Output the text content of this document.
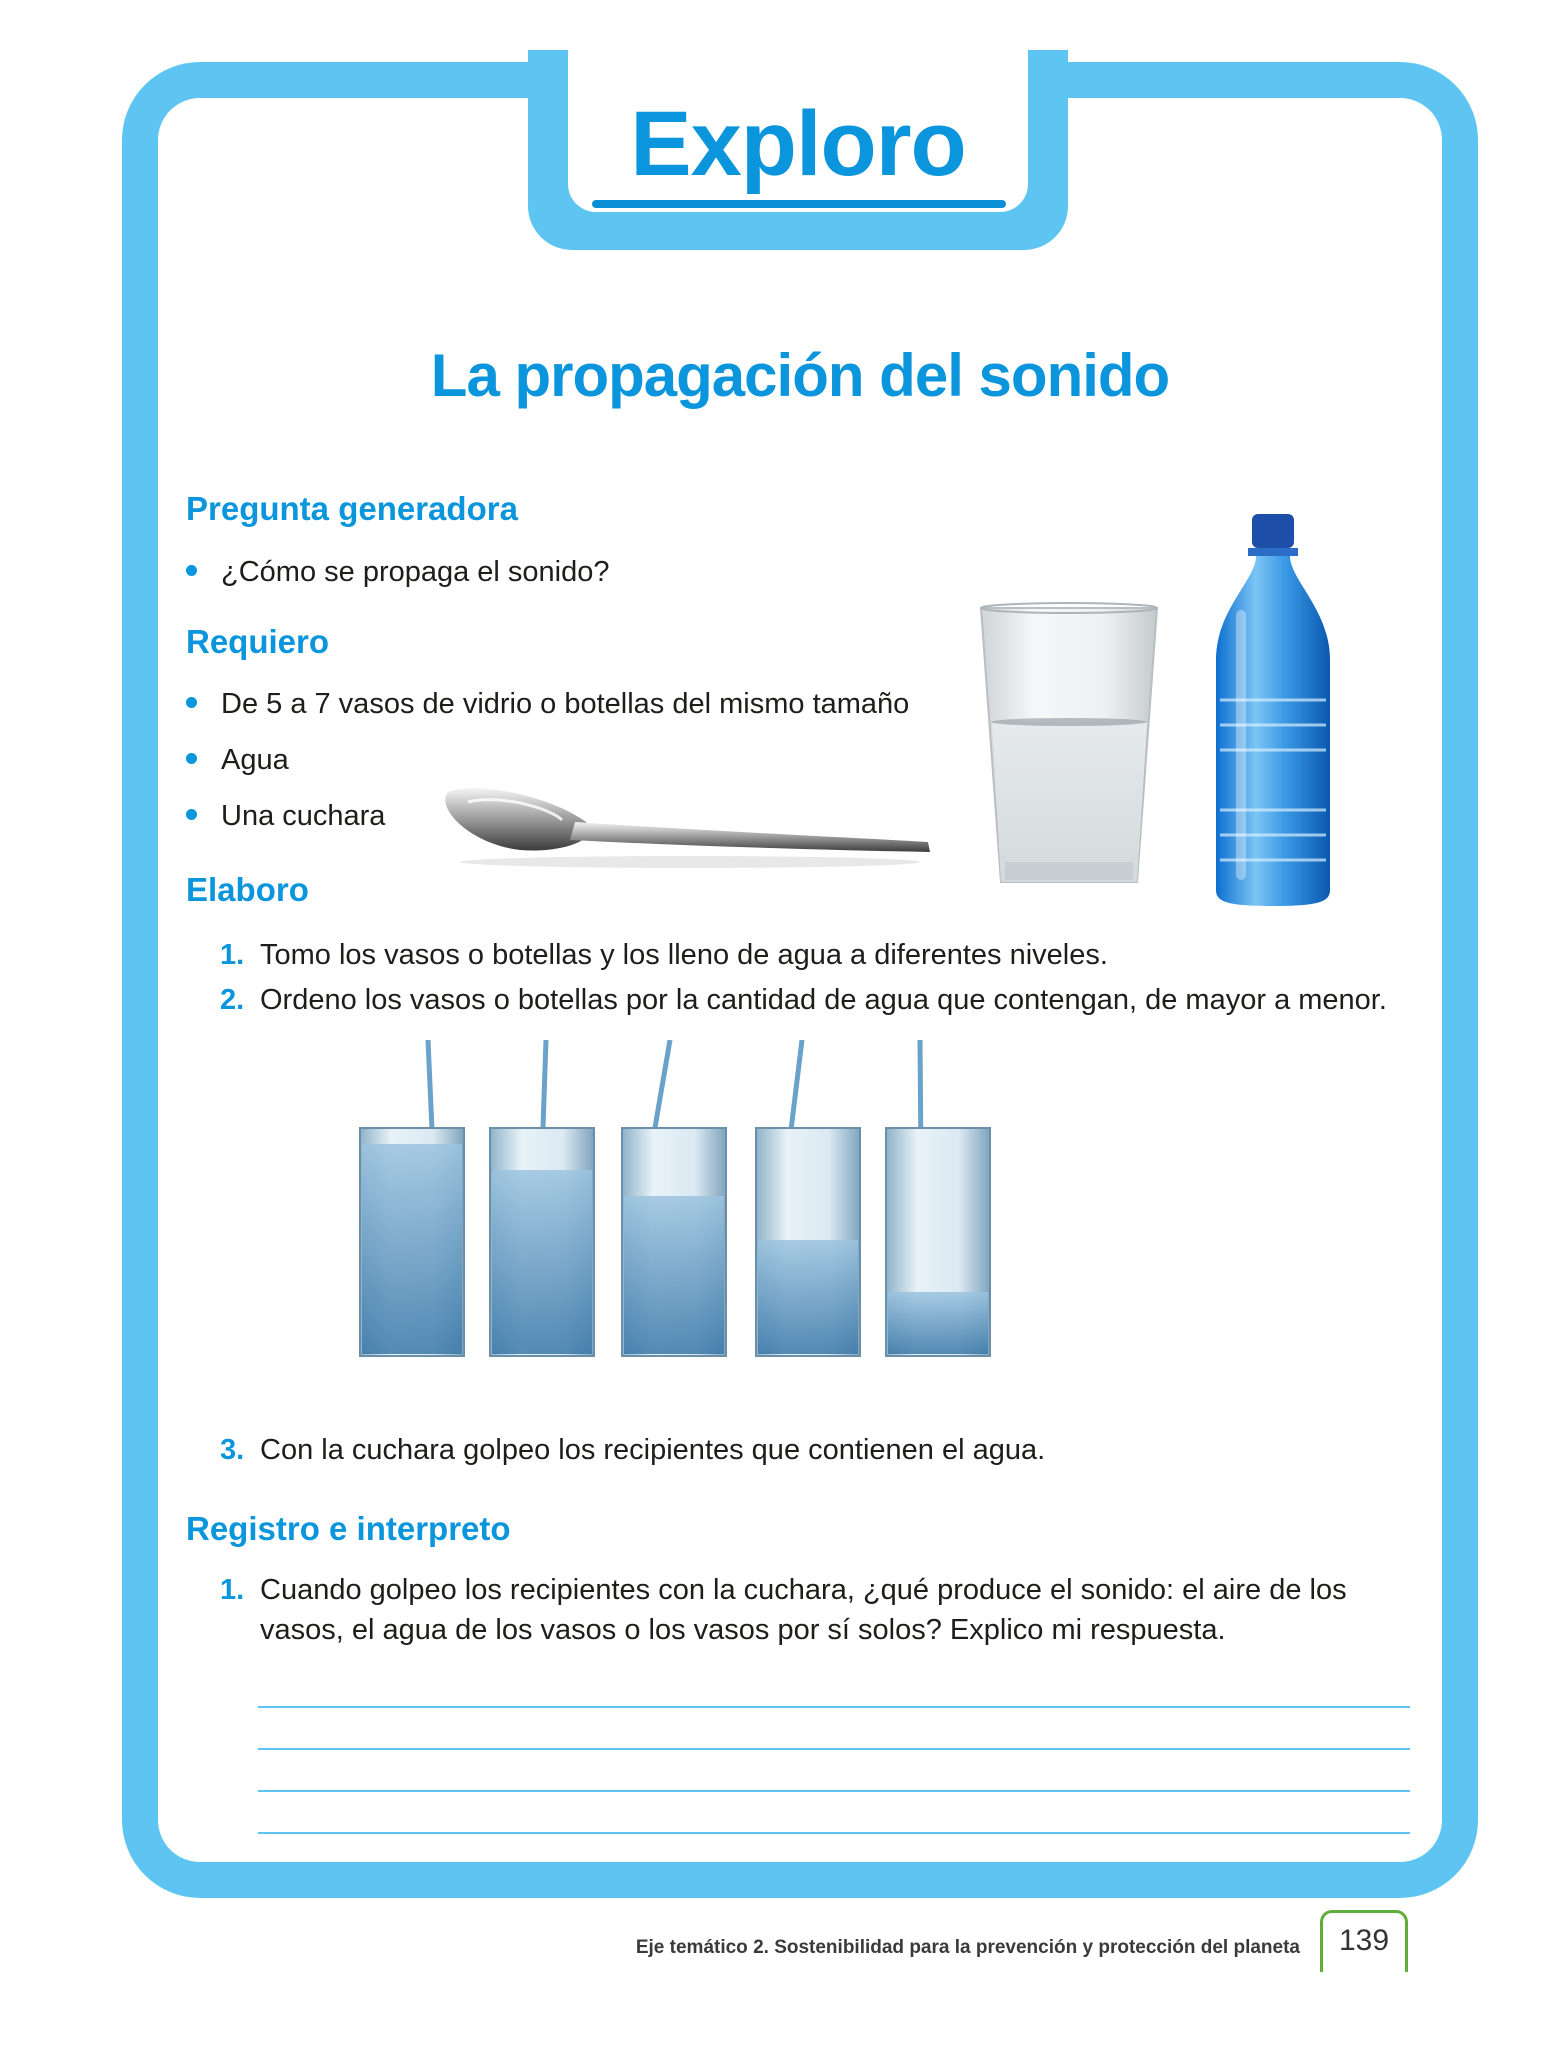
Exploro
La propagación del sonido
Pregunta generadora
¿Cómo se propaga el sonido?
Requiero
De 5 a 7 vasos de vidrio o botellas del mismo tamaño
Agua
Una cuchara
Elaboro
1. Tomo los vasos o botellas y los lleno de agua a diferentes niveles.
2. Ordeno los vasos o botellas por la cantidad de agua que contengan, de mayor a menor.
3. Con la cuchara golpeo los recipientes que contienen el agua.
Registro e interpreto
1. Cuando golpeo los recipientes con la cuchara, ¿qué produce el sonido: el aire de los vasos, el agua de los vasos o los vasos por sí solos? Explico mi respuesta.
Eje temático 2. Sostenibilidad para la prevención y protección del planeta	139
